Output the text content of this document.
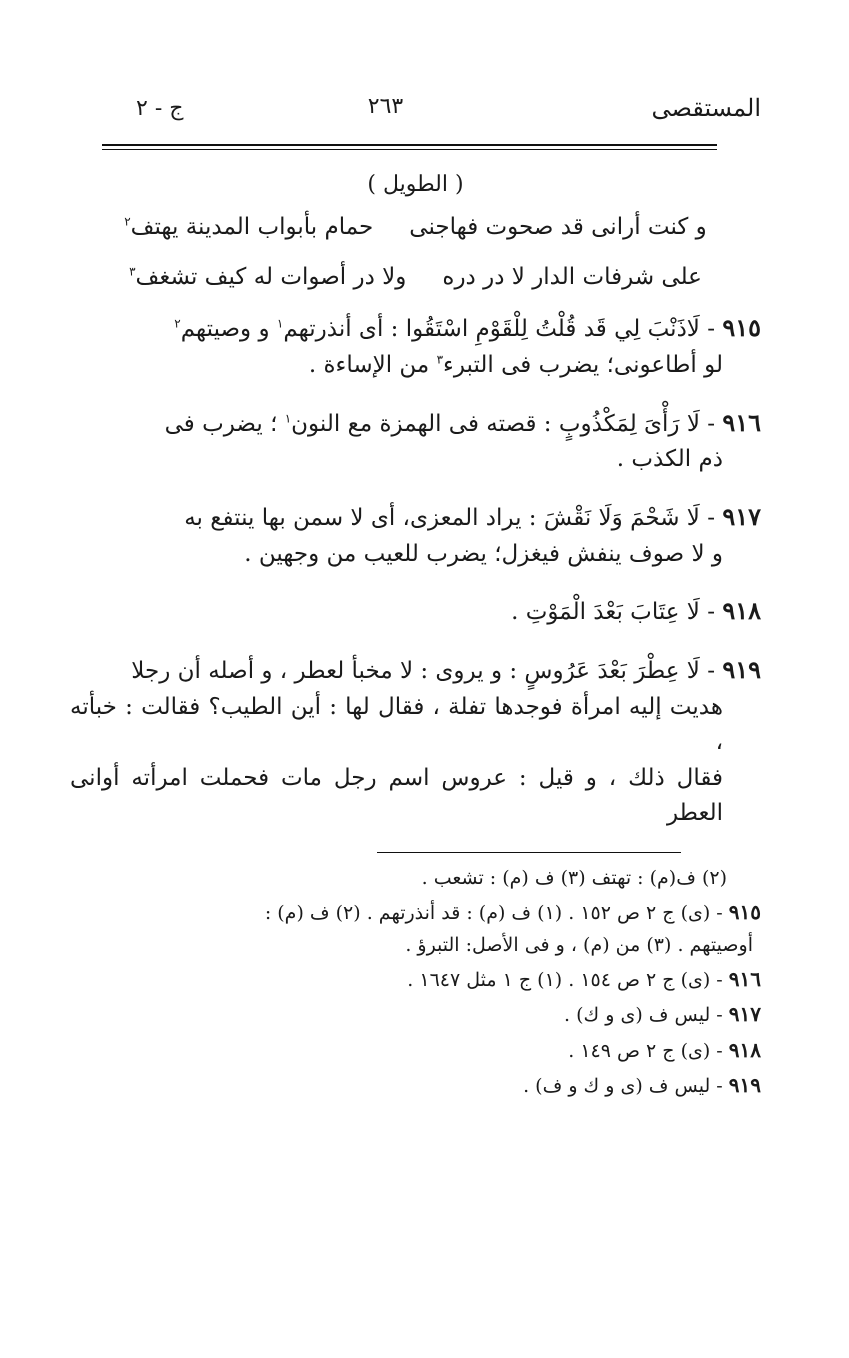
المستقصى
٢٦٣
ج - ٢
( الطويل )
و كنت أرانى قد صحوت فهاجنى
حمام بأبواب المدينة يهتف$^٢$
على شرفات الدار لا در دره
ولا در أصوات له كيف تشغف$^٣$
٩١٥ - لَاذَنْبَ لِي قَد قُلْتُ لِلْقَوْمِ اسْتَقُوا : أى أنذرتهم$^١$ و وصيتهم$^٢$
لو أطاعونى؛ يضرب فى التبرء$^٣$ من الإساءة .
٩١٦ - لَا رَأْىَ لِمَكْذُوبٍ : قصته فى الهمزة مع النون$^١$ ؛ يضرب فى
ذم الكذب .
٩١٧ - لَا شَحْمَ وَلَا نَقْشَ : يراد المعزى، أى لا سمن بها ينتفع به
و لا صوف ينفش فيغزل؛ يضرب للعيب من وجهين .
٩١٨ - لَا عِتَابَ بَعْدَ الْمَوْتِ .
٩١٩ - لَا عِطْرَ بَعْدَ عَرُوسٍ : و يروى : لا مخبأ لعطر ، و أصله أن رجلا
هديت إليه امرأة فوجدها تفلة ، فقال لها : أين الطيب؟ فقالت : خبأته ،
فقال ذلك ، و قيل : عروس اسم رجل مات فحملت امرأته أوانى العطر
(٢) ف(م) : تهتف (٣) ف (م) : تشعب .
٩١٥ - (ى) ج ٢ ص ١٥٢ . (١) ف (م) : قد أنذرتهم . (٢) ف (م) :
أوصيتهم . (٣) من (م) ، و فى الأصل: التبرؤ .
٩١٦ - (ى) ج ٢ ص ١٥٤ . (١) ج ١ مثل ١٦٤٧ .
٩١٧ - ليس ف (ى و ك) .
٩١٨ - (ى) ج ٢ ص ١٤٩ .
٩١٩ - ليس ف (ى و ك و ف) .
